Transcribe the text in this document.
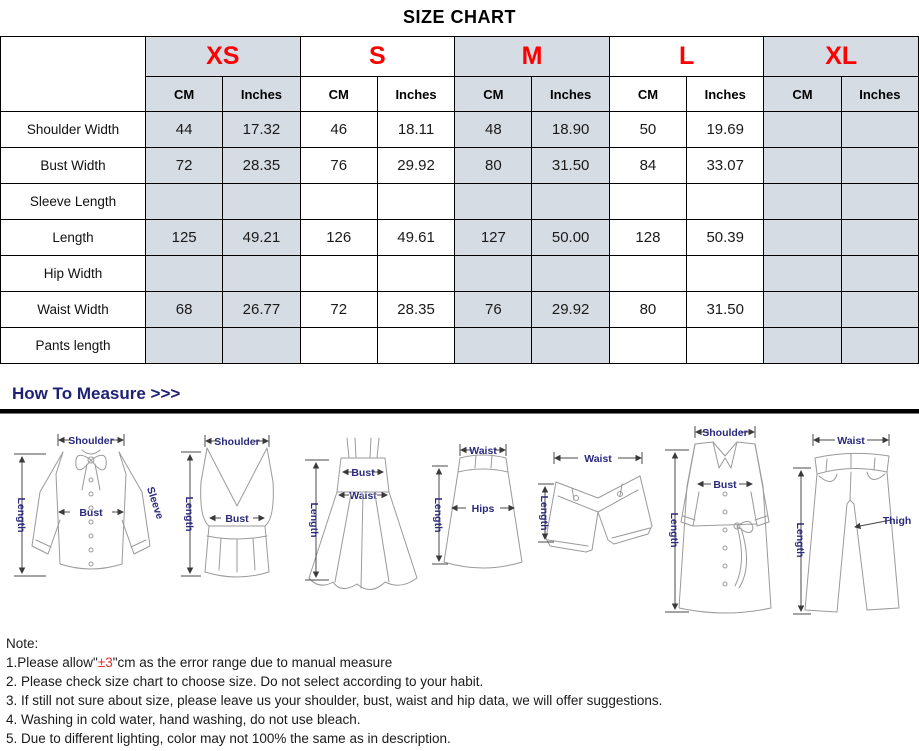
SIZE CHART
	XS		S		M		L		XL	
	CM	Inches	CM	Inches	CM	Inches	CM	Inches	CM	Inches
Shoulder Width	44	17.32	46	18.11	48	18.90	50	19.69		
Bust Width	72	28.35	76	29.92	80	31.50	84	33.07		
Sleeve Length										
Length	125	49.21	126	49.61	127	50.00	128	50.39		
Hip Width										
Waist Width	68	26.77	72	28.35	76	29.92	80	31.50		
Pants length										
How To Measure >>>
Shoulder
Bust	Sleeve
Length
Shoulder
Bust
Length
Bust
Waist
Length
Waist
Hips
Length
Waist
Length
Shoulder
Bust
Length
Waist
Thigh
Length
Note:
1.Please allow"±3"cm as the error range due to manual measure
2. Please check size chart to choose size. Do not select according to your habit.
3. If still not sure about size, please leave us your shoulder, bust, waist and hip data, we will offer suggestions.
4. Washing in cold water, hand washing, do not use bleach.
5. Due to different lighting, color may not 100% the same as in description.
